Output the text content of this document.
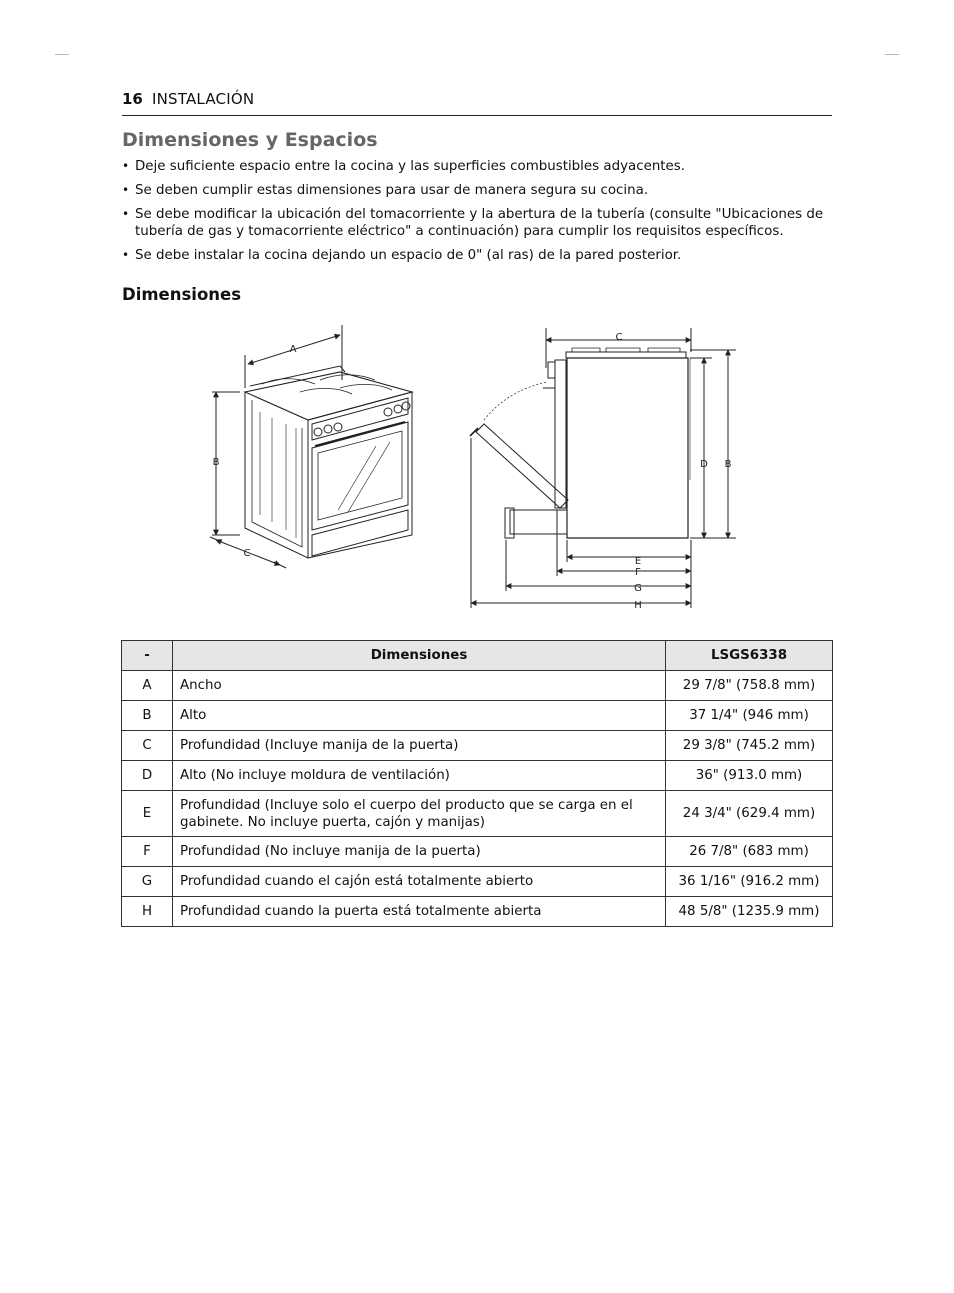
16 INSTALACIÓN
Dimensiones y Espacios
• Deje suficiente espacio entre la cocina y las superficies combustibles adyacentes.
• Se deben cumplir estas dimensiones para usar de manera segura su cocina.
• Se debe modificar la ubicación del tomacorriente y la abertura de la tubería (consulte "Ubicaciones de tubería de gas y tomacorriente eléctrico" a continuación) para cumplir los requisitos específicos.
• Se debe instalar la cocina dejando un espacio de 0" (al ras) de la pared posterior.
Dimensiones
A
B
C
C
D B
E
F
G
H
-	Dimensiones	LSGS6338
A	Ancho	29 7/8" (758.8 mm)
B	Alto	37 1/4" (946 mm)
C	Profundidad (Incluye manija de la puerta)	29 3/8" (745.2 mm)
D	Alto (No incluye moldura de ventilación)	36" (913.0 mm)
E	Profundidad (Incluye solo el cuerpo del producto que se carga en el gabinete. No incluye puerta, cajón y manijas)	24 3/4" (629.4 mm)
F	Profundidad (No incluye manija de la puerta)	26 7/8" (683 mm)
G	Profundidad cuando el cajón está totalmente abierto	36 1/16" (916.2 mm)
H	Profundidad cuando la puerta está totalmente abierta	48 5/8" (1235.9 mm)
